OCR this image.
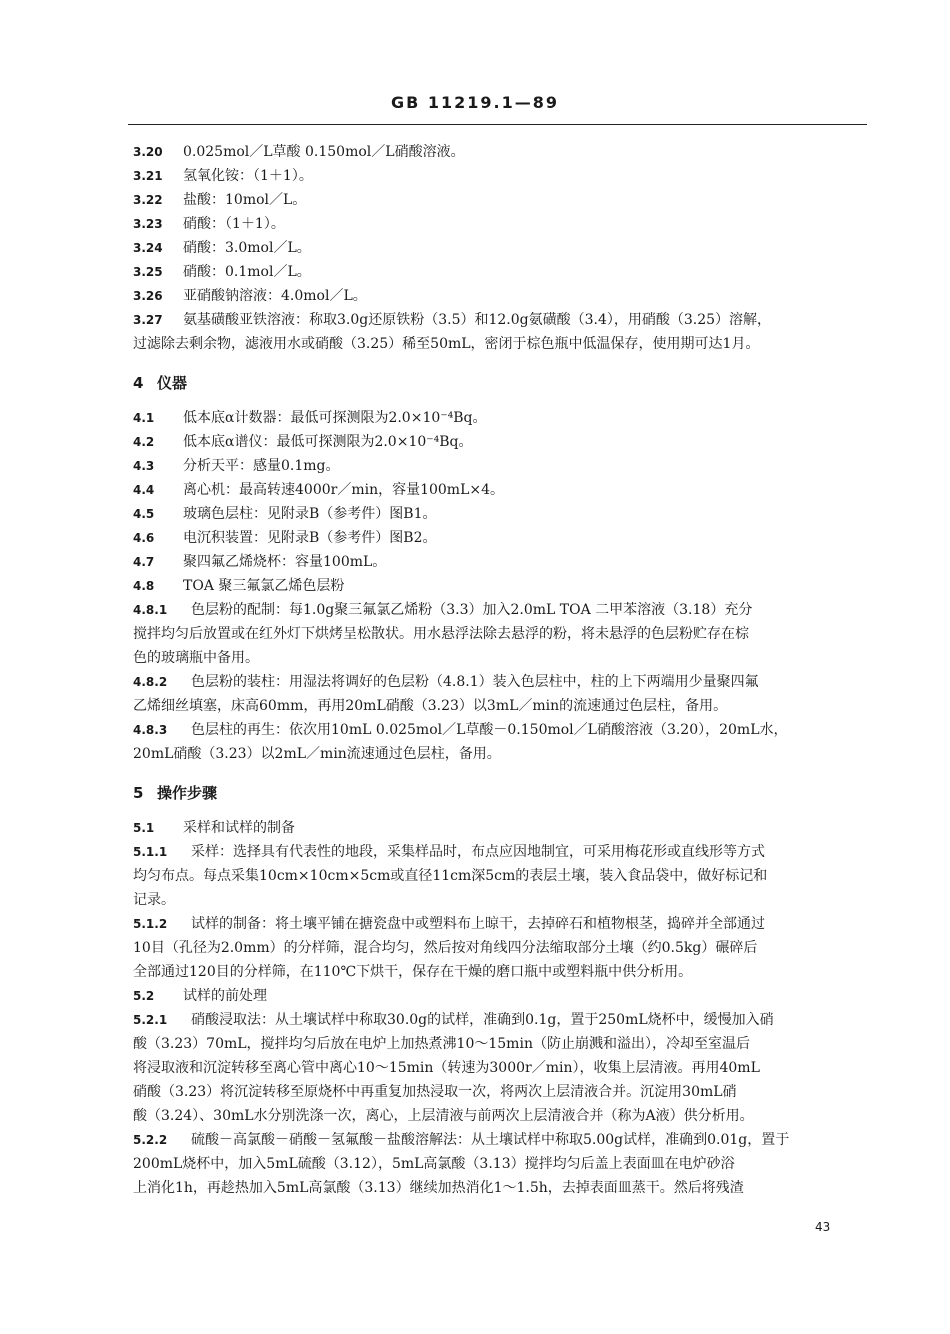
GB 11219.1—89
3.20 0.025mol／L草酸 0.150mol／L硝酸溶液。
3.21 氢氧化铵：（1＋1）。
3.22 盐酸：10mol／L。
3.23 硝酸：（1＋1）。
3.24 硝酸：3.0mol／L。
3.25 硝酸：0.1mol／L。
3.26 亚硝酸钠溶液：4.0mol／L。
3.27 氨基磺酸亚铁溶液：称取3.0g还原铁粉（3.5）和12.0g氨磺酸（3.4），用硝酸（3.25）溶解，
过滤除去剩余物，滤液用水或硝酸（3.25）稀至50mL，密闭于棕色瓶中低温保存，使用期可达1月。
4 仪器
4.1 低本底α计数器：最低可探测限为2.0×10⁻⁴Bq。
4.2 低本底α谱仪：最低可探测限为2.0×10⁻⁴Bq。
4.3 分析天平：感量0.1mg。
4.4 离心机：最高转速4000r／min，容量100mL×4。
4.5 玻璃色层柱：见附录B（参考件）图B1。
4.6 电沉积装置：见附录B（参考件）图B2。
4.7 聚四氟乙烯烧杯：容量100mL。
4.8 TOA 聚三氟氯乙烯色层粉
4.8.1 色层粉的配制：每1.0g聚三氟氯乙烯粉（3.3）加入2.0mL TOA 二甲苯溶液（3.18）充分
搅拌均匀后放置或在红外灯下烘烤呈松散状。用水悬浮法除去悬浮的粉，将未悬浮的色层粉贮存在棕
色的玻璃瓶中备用。
4.8.2 色层粉的装柱：用湿法将调好的色层粉（4.8.1）装入色层柱中，柱的上下两端用少量聚四氟
乙烯细丝填塞，床高60mm，再用20mL硝酸（3.23）以3mL／min的流速通过色层柱，备用。
4.8.3 色层柱的再生：依次用10mL 0.025mol／L草酸－0.150mol／L硝酸溶液（3.20），20mL水，
20mL硝酸（3.23）以2mL／min流速通过色层柱，备用。
5 操作步骤
5.1 采样和试样的制备
5.1.1 采样：选择具有代表性的地段，采集样品时，布点应因地制宜，可采用梅花形或直线形等方式
均匀布点。每点采集10cm×10cm×5cm或直径11cm深5cm的表层土壤，装入食品袋中，做好标记和
记录。
5.1.2 试样的制备：将土壤平铺在搪瓷盘中或塑料布上晾干，去掉碎石和植物根茎，捣碎并全部通过
10目（孔径为2.0mm）的分样筛，混合均匀，然后按对角线四分法缩取部分土壤（约0.5kg）碾碎后
全部通过120目的分样筛，在110℃下烘干，保存在干燥的磨口瓶中或塑料瓶中供分析用。
5.2 试样的前处理
5.2.1 硝酸浸取法：从土壤试样中称取30.0g的试样，准确到0.1g，置于250mL烧杯中，缓慢加入硝
酸（3.23）70mL，搅拌均匀后放在电炉上加热煮沸10～15min（防止崩溅和溢出），冷却至室温后
将浸取液和沉淀转移至离心管中离心10～15min（转速为3000r／min），收集上层清液。再用40mL
硝酸（3.23）将沉淀转移至原烧杯中再重复加热浸取一次，将两次上层清液合并。沉淀用30mL硝
酸（3.24）、30mL水分别洗涤一次，离心，上层清液与前两次上层清液合并（称为A液）供分析用。
5.2.2 硫酸－高氯酸－硝酸－氢氟酸－盐酸溶解法：从土壤试样中称取5.00g试样，准确到0.01g，置于
200mL烧杯中，加入5mL硫酸（3.12），5mL高氯酸（3.13）搅拌均匀后盖上表面皿在电炉砂浴
上消化1h，再趁热加入5mL高氯酸（3.13）继续加热消化1～1.5h，去掉表面皿蒸干。然后将残渣
43
